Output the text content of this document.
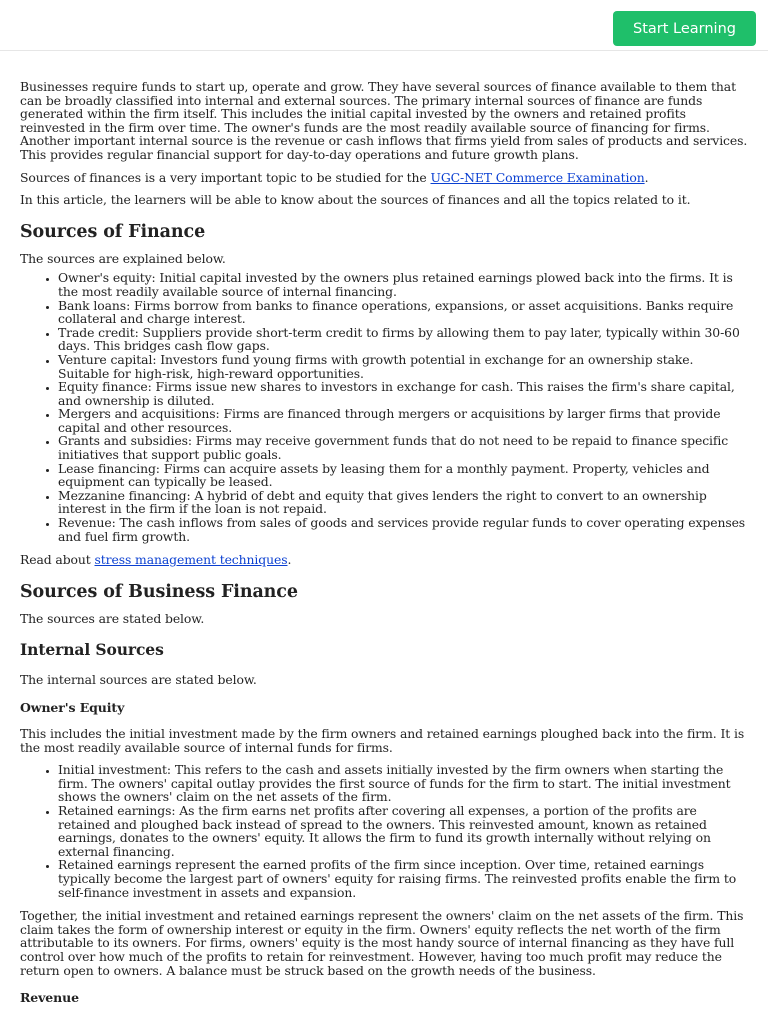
Start Learning

Businesses require funds to start up, operate and grow. They have several sources of finance available to them that can be broadly classified into internal and external sources. The primary internal sources of finance are funds generated within the firm itself. This includes the initial capital invested by the owners and retained profits reinvested in the firm over time. The owner's funds are the most readily available source of financing for firms. Another important internal source is the revenue or cash inflows that firms yield from sales of products and services. This provides regular financial support for day-to-day operations and future growth plans.

Sources of finances is a very important topic to be studied for the UGC-NET Commerce Examination.

In this article, the learners will be able to know about the sources of finances and all the topics related to it.

Sources of Finance

The sources are explained below.

• Owner's equity: Initial capital invested by the owners plus retained earnings plowed back into the firms. It is the most readily available source of internal financing.
• Bank loans: Firms borrow from banks to finance operations, expansions, or asset acquisitions. Banks require collateral and charge interest.
• Trade credit: Suppliers provide short-term credit to firms by allowing them to pay later, typically within 30-60 days. This bridges cash flow gaps.
• Venture capital: Investors fund young firms with growth potential in exchange for an ownership stake. Suitable for high-risk, high-reward opportunities.
• Equity finance: Firms issue new shares to investors in exchange for cash. This raises the firm's share capital, and ownership is diluted.
• Mergers and acquisitions: Firms are financed through mergers or acquisitions by larger firms that provide capital and other resources.
• Grants and subsidies: Firms may receive government funds that do not need to be repaid to finance specific initiatives that support public goals.
• Lease financing: Firms can acquire assets by leasing them for a monthly payment. Property, vehicles and equipment can typically be leased.
• Mezzanine financing: A hybrid of debt and equity that gives lenders the right to convert to an ownership interest in the firm if the loan is not repaid.
• Revenue: The cash inflows from sales of goods and services provide regular funds to cover operating expenses and fuel firm growth.

Read about stress management techniques.

Sources of Business Finance

The sources are stated below.

Internal Sources

The internal sources are stated below.

Owner's Equity

This includes the initial investment made by the firm owners and retained earnings ploughed back into the firm. It is the most readily available source of internal funds for firms.

• Initial investment: This refers to the cash and assets initially invested by the firm owners when starting the firm. The owners' capital outlay provides the first source of funds for the firm to start. The initial investment shows the owners' claim on the net assets of the firm.
• Retained earnings: As the firm earns net profits after covering all expenses, a portion of the profits are retained and ploughed back instead of spread to the owners. This reinvested amount, known as retained earnings, donates to the owners' equity. It allows the firm to fund its growth internally without relying on external financing.
• Retained earnings represent the earned profits of the firm since inception. Over time, retained earnings typically become the largest part of owners' equity for raising firms. The reinvested profits enable the firm to self-finance investment in assets and expansion.

Together, the initial investment and retained earnings represent the owners' claim on the net assets of the firm. This claim takes the form of ownership interest or equity in the firm. Owners' equity reflects the net worth of the firm attributable to its owners. For firms, owners' equity is the most handy source of internal financing as they have full control over how much of the profits to retain for reinvestment. However, having too much profit may reduce the return open to owners. A balance must be struck based on the growth needs of the business.

Revenue
